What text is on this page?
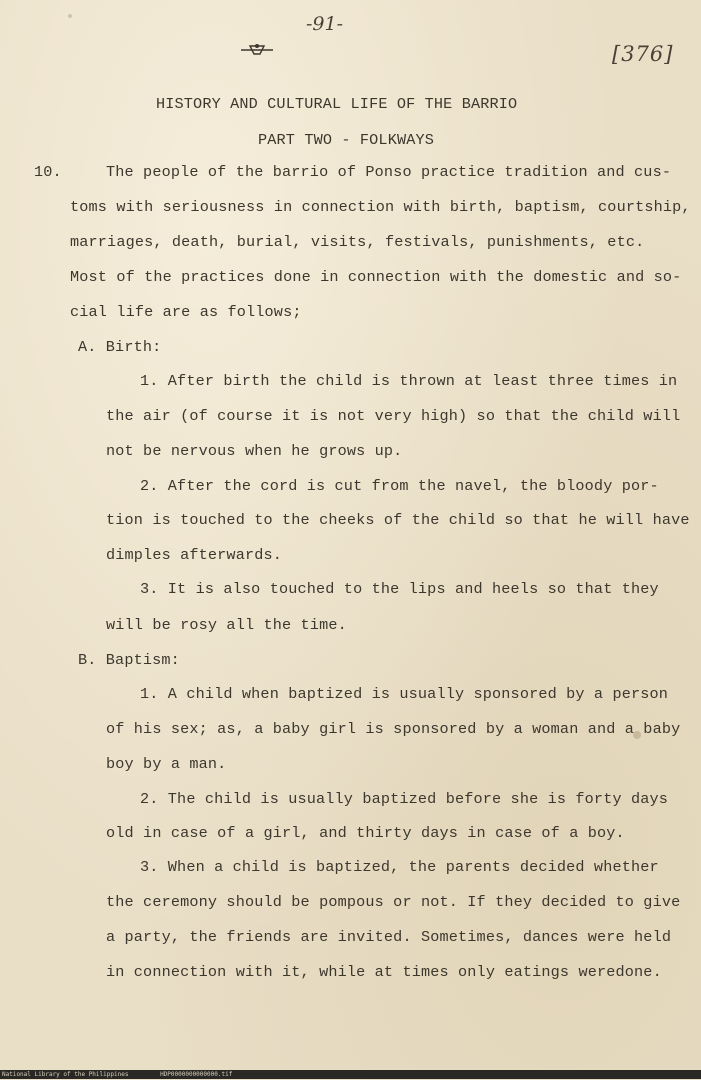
-91-
[376]
HISTORY AND CULTURAL LIFE OF THE BARRIO
PART TWO - FOLKWAYS
10.	The people of the barrio of Ponso practice tradition and cus-
toms with seriousness in connection with birth, baptism, courtship,
marriages, death, burial, visits, festivals, punishments, etc.
Most of the practices done in connection with the domestic and so-
cial life are as follows;
A. Birth:
1. After birth the child is thrown at least three times in
the air (of course it is not very high) so that the child will
not be nervous when he grows up.
2. After the cord is cut from the navel, the bloody por-
tion is touched to the cheeks of the child so that he will have
dimples afterwards.
3. It is also touched to the lips and heels so that they
will be rosy all the time.
B. Baptism:
1. A child when baptized is usually sponsored by a person
of his sex; as, a baby girl is sponsored by a woman and a baby
boy by a man.
2. The child is usually baptized before she is forty days
old in case of a girl, and thirty days in case of a boy.
3. When a child is baptized, the parents decided whether
the ceremony should be pompous or not. If they decided to give
a party, the friends are invited. Sometimes, dances were held
in connection with it, while at times only eatings weredone.
National Library of the Philippines	HDP0000000000000.tif
